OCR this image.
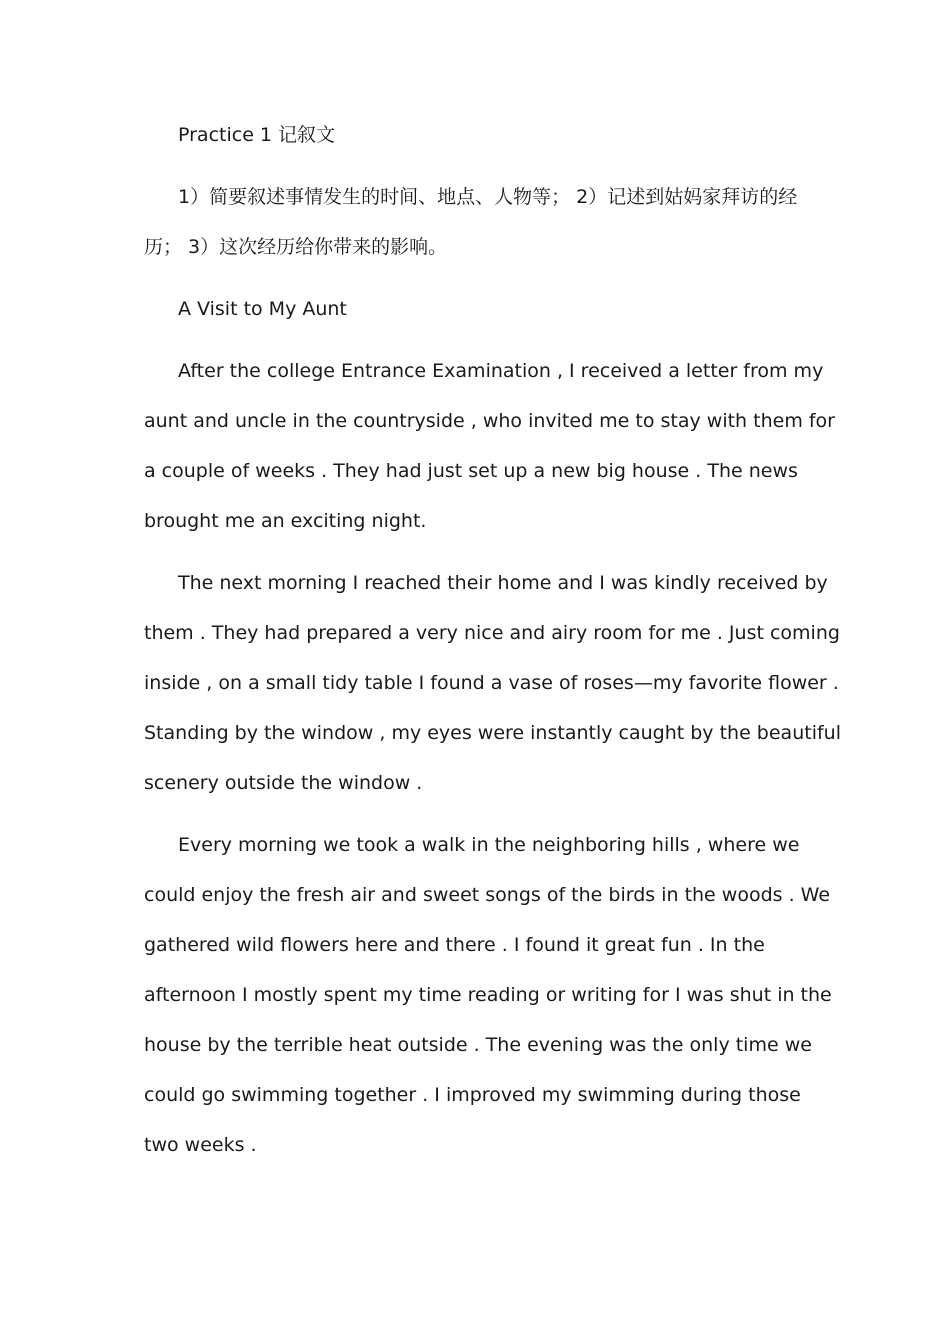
Practice 1 记叙文
1）简要叙述事情发生的时间、地点、人物等； 2）记述到姑妈家拜访的经
历； 3）这次经历给你带来的影响。
A Visit to My Aunt
After the college Entrance Examination , I received a letter from my
aunt and uncle in the countryside , who invited me to stay with them for
a couple of weeks . They had just set up a new big house . The news
brought me an exciting night.
The next morning I reached their home and I was kindly received by
them . They had prepared a very nice and airy room for me . Just coming
inside , on a small tidy table I found a vase of roses—my favorite flower .
Standing by the window , my eyes were instantly caught by the beautiful
scenery outside the window .
Every morning we took a walk in the neighboring hills , where we
could enjoy the fresh air and sweet songs of the birds in the woods . We
gathered wild flowers here and there . I found it great fun . In the
afternoon I mostly spent my time reading or writing for I was shut in the
house by the terrible heat outside . The evening was the only time we
could go swimming together . I improved my swimming during those
two weeks .
